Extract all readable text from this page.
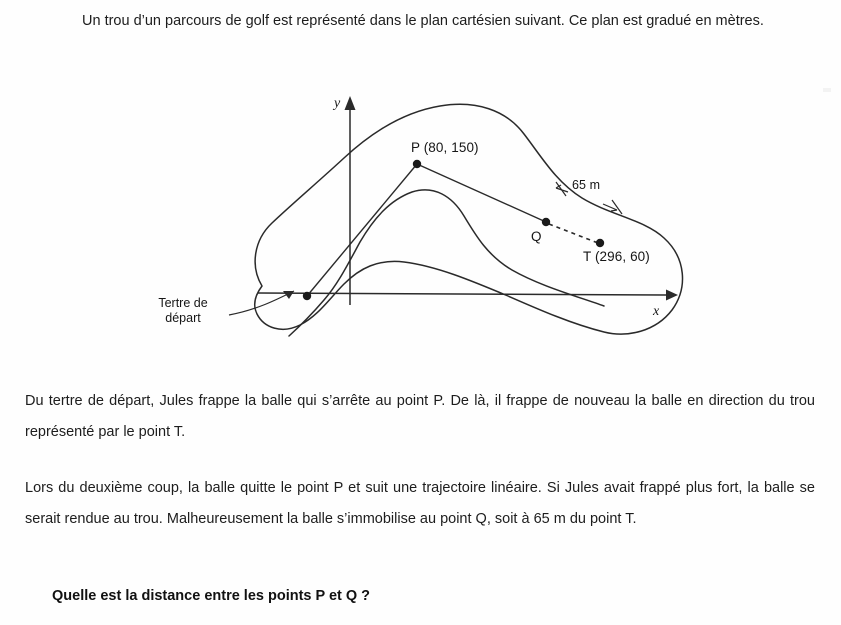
Un trou d’un parcours de golf est représenté dans le plan cartésien suivant. Ce plan est gradué en mètres.
y
x
P (80, 150)
T (296, 60)
Q
65 m
Tertre de
départ
Du tertre de départ, Jules frappe la balle qui s’arrête au point P. De là, il frappe de nouveau la balle en direction du trou représenté par le point T.
Lors du deuxième coup, la balle quitte le point P et suit une trajectoire linéaire. Si Jules avait frappé plus fort, la balle se serait rendue au trou. Malheureusement la balle s’immobilise au point Q, soit à 65 m du point T.
Quelle est la distance entre les points P et Q ?
